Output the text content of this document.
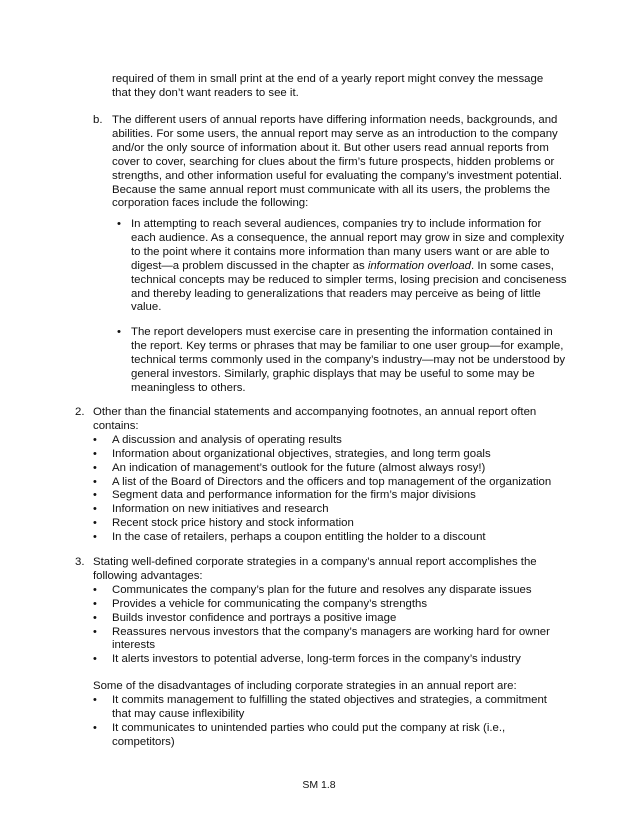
required of them in small print at the end of a yearly report might convey the message that they don’t want readers to see it.

b. The different users of annual reports have differing information needs, backgrounds, and abilities. For some users, the annual report may serve as an introduction to the company and/or the only source of information about it. But other users read annual reports from cover to cover, searching for clues about the firm’s future prospects, hidden problems or strengths, and other information useful for evaluating the company’s investment potential. Because the same annual report must communicate with all its users, the problems the corporation faces include the following:

• In attempting to reach several audiences, companies try to include information for each audience. As a consequence, the annual report may grow in size and complexity to the point where it contains more information than many users want or are able to digest—a problem discussed in the chapter as information overload. In some cases, technical concepts may be reduced to simpler terms, losing precision and conciseness and thereby leading to generalizations that readers may perceive as being of little value.

• The report developers must exercise care in presenting the information contained in the report. Key terms or phrases that may be familiar to one user group—for example, technical terms commonly used in the company’s industry—may not be understood by general investors. Similarly, graphic displays that may be useful to some may be meaningless to others.

2. Other than the financial statements and accompanying footnotes, an annual report often contains:

• A discussion and analysis of operating results
• Information about organizational objectives, strategies, and long term goals
• An indication of management’s outlook for the future (almost always rosy!)
• A list of the Board of Directors and the officers and top management of the organization
• Segment data and performance information for the firm’s major divisions
• Information on new initiatives and research
• Recent stock price history and stock information
• In the case of retailers, perhaps a coupon entitling the holder to a discount
3. Stating well-defined corporate strategies in a company’s annual report accomplishes the following advantages:

• Communicates the company’s plan for the future and resolves any disparate issues
• Provides a vehicle for communicating the company’s strengths
• Builds investor confidence and portrays a positive image
• Reassures nervous investors that the company’s managers are working hard for owner interests
• It alerts investors to potential adverse, long-term forces in the company’s industry

Some of the disadvantages of including corporate strategies in an annual report are:

• It commits management to fulfilling the stated objectives and strategies, a commitment that may cause inflexibility
• It communicates to unintended parties who could put the company at risk (i.e., competitors)
SM 1.8
